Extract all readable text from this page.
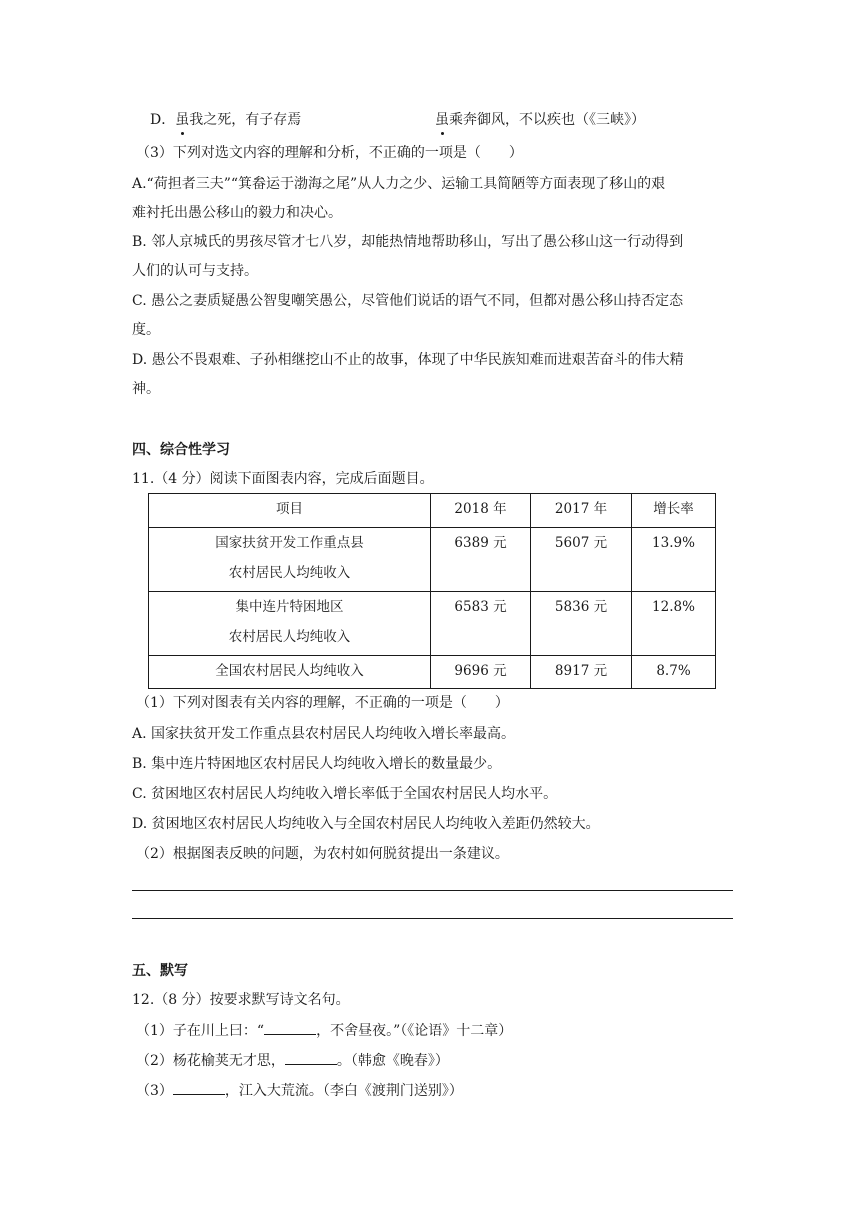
D．虽我之死，有子存焉	虽乘奔御风，不以疾也（《三峡》）
（3）下列对选文内容的理解和分析，不正确的一项是（　　）
A.“荷担者三夫”“箕畚运于渤海之尾”从人力之少、运输工具简陋等方面表现了移山的艰
难衬托出愚公移山的毅力和决心。
B. 邻人京城氏的男孩尽管才七八岁，却能热情地帮助移山，写出了愚公移山这一行动得到
人们的认可与支持。
C. 愚公之妻质疑愚公智叟嘲笑愚公，尽管他们说话的语气不同，但都对愚公移山持否定态
度。
D. 愚公不畏艰难、子孙相继挖山不止的故事，体现了中华民族知难而进艰苦奋斗的伟大精
神。
四、综合性学习
11.（4 分）阅读下面图表内容，完成后面题目。
项目	2018 年	2017 年	增长率

国家扶贫开发工作重点县
农村居民人均纯收入	6389 元	5607 元	13.9%

集中连片特困地区
农村居民人均纯收入	6583 元	5836 元	12.8%

全国农村居民人均纯收入	9696 元	8917 元	8.7%
（1）下列对图表有关内容的理解，不正确的一项是（　　）
A. 国家扶贫开发工作重点县农村居民人均纯收入增长率最高。
B. 集中连片特困地区农村居民人均纯收入增长的数量最少。
C. 贫困地区农村居民人均纯收入增长率低于全国农村居民人均水平。
D. 贫困地区农村居民人均纯收入与全国农村居民人均纯收入差距仍然较大。
（2）根据图表反映的问题，为农村如何脱贫提出一条建议。
五、默写
12.（8 分）按要求默写诗文名句。
（1）子在川上曰：“	，不舍昼夜。”（《论语》十二章）
（2）杨花榆荚无才思，	。（韩愈《晚春》）
（3）	，江入大荒流。（李白《渡荆门送别》）
